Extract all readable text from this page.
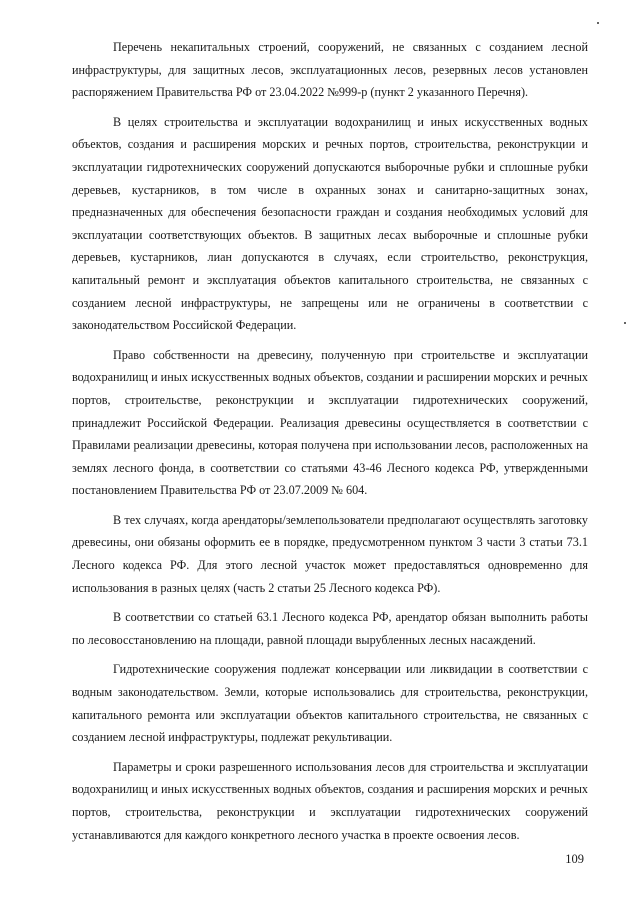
Перечень некапитальных строений, сооружений, не связанных с созданием лесной инфраструктуры, для защитных лесов, эксплуатационных лесов, резервных лесов установлен распоряжением Правительства РФ от 23.04.2022 №999-р (пункт 2 указанного Перечня).

В целях строительства и эксплуатации водохранилищ и иных искусственных водных объектов, создания и расширения морских и речных портов, строительства, реконструкции и эксплуатации гидротехнических сооружений допускаются выборочные рубки и сплошные рубки деревьев, кустарников, в том числе в охранных зонах и санитарно-защитных зонах, предназначенных для обеспечения безопасности граждан и создания необходимых условий для эксплуатации соответствующих объектов. В защитных лесах выборочные и сплошные рубки деревьев, кустарников, лиан допускаются в случаях, если строительство, реконструкция, капитальный ремонт и эксплуатация объектов капитального строительства, не связанных с созданием лесной инфраструктуры, не запрещены или не ограничены в соответствии с законодательством Российской Федерации.

Право собственности на древесину, полученную при строительстве и эксплуатации водохранилищ и иных искусственных водных объектов, создании и расширении морских и речных портов, строительстве, реконструкции и эксплуатации гидротехнических сооружений, принадлежит Российской Федерации. Реализация древесины осуществляется в соответствии с Правилами реализации древесины, которая получена при использовании лесов, расположенных на землях лесного фонда, в соответствии со статьями 43-46 Лесного кодекса РФ, утвержденными постановлением Правительства РФ от 23.07.2009 № 604.

В тех случаях, когда арендаторы/землепользователи предполагают осуществлять заготовку древесины, они обязаны оформить ее в порядке, предусмотренном пунктом 3 части 3 статьи 73.1 Лесного кодекса РФ. Для этого лесной участок может предоставляться одновременно для использования в разных целях (часть 2 статьи 25 Лесного кодекса РФ).

В соответствии со статьей 63.1 Лесного кодекса РФ, арендатор обязан выполнить работы по лесовосстановлению на площади, равной площади вырубленных лесных насаждений.

Гидротехнические сооружения подлежат консервации или ликвидации в соответствии с водным законодательством. Земли, которые использовались для строительства, реконструкции, капитального ремонта или эксплуатации объектов капитального строительства, не связанных с созданием лесной инфраструктуры, подлежат рекультивации.

Параметры и сроки разрешенного использования лесов для строительства и эксплуатации водохранилищ и иных искусственных водных объектов, создания и расширения морских и речных портов, строительства, реконструкции и эксплуатации гидротехнических сооружений устанавливаются для каждого конкретного лесного участка в проекте освоения лесов.

109
